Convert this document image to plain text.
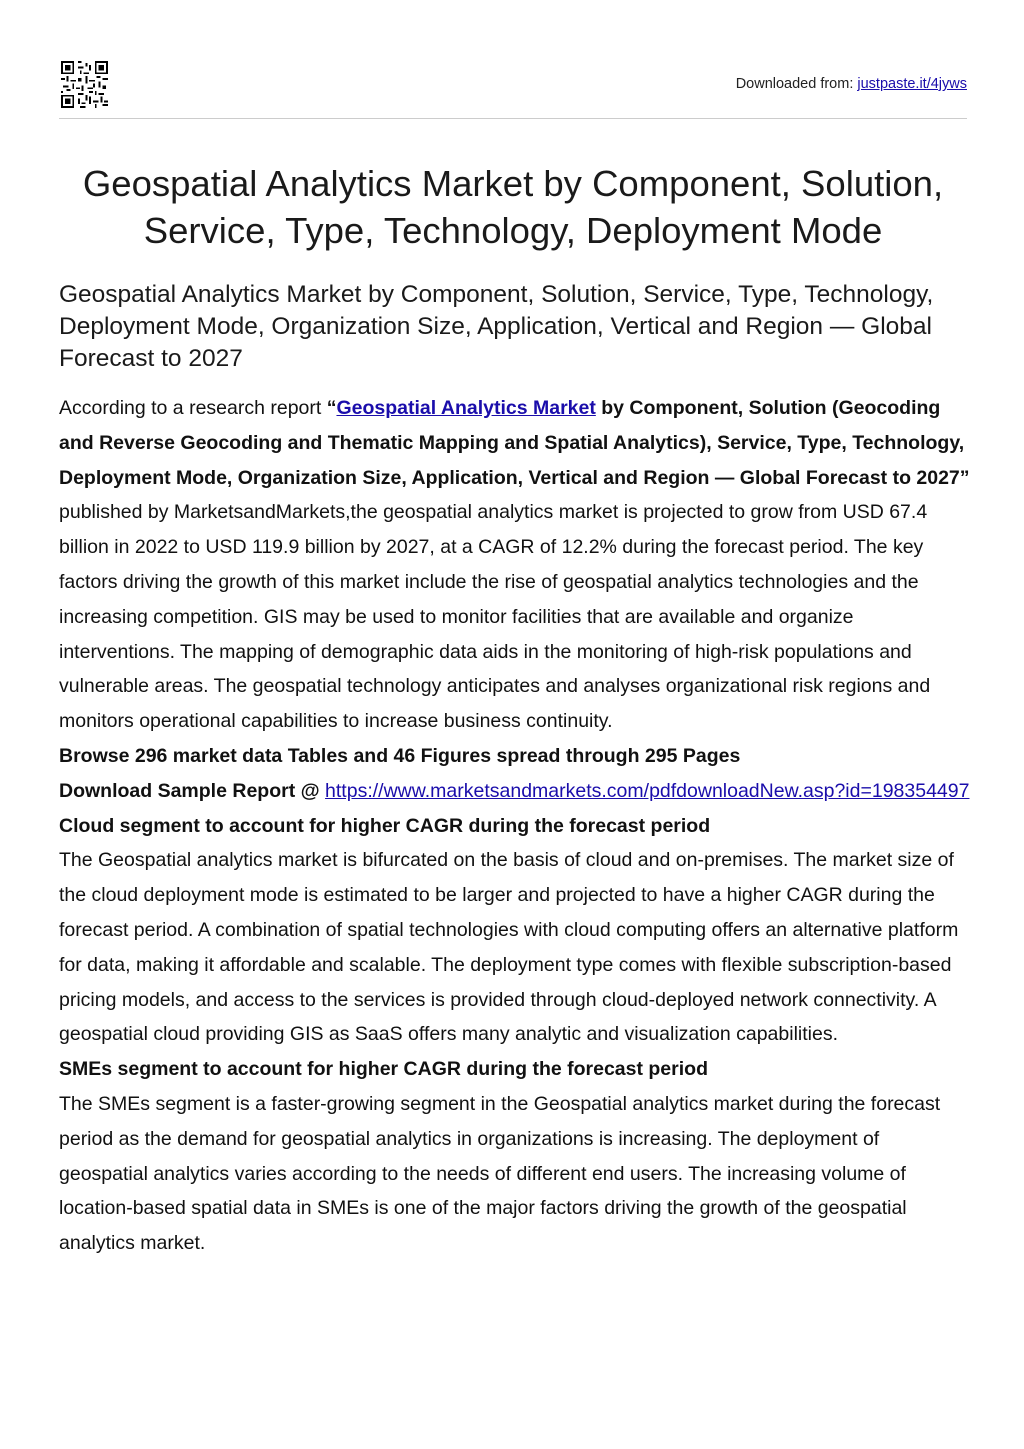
Downloaded from: justpaste.it/4jyws
Geospatial Analytics Market by Component, Solution, Service, Type, Technology, Deployment Mode
Geospatial Analytics Market by Component, Solution, Service, Type, Technology, Deployment Mode, Organization Size, Application, Vertical and Region — Global Forecast to 2027

According to a research report “Geospatial Analytics Market by Component, Solution (Geocoding and Reverse Geocoding and Thematic Mapping and Spatial Analytics), Service, Type, Technology, Deployment Mode, Organization Size, Application, Vertical and Region — Global Forecast to 2027” published by MarketsandMarkets,the geospatial analytics market is projected to grow from USD 67.4 billion in 2022 to USD 119.9 billion by 2027, at a CAGR of 12.2% during the forecast period. The key factors driving the growth of this market include the rise of geospatial analytics technologies and the increasing competition. GIS may be used to monitor facilities that are available and organize interventions. The mapping of demographic data aids in the monitoring of high-risk populations and vulnerable areas. The geospatial technology anticipates and analyses organizational risk regions and monitors operational capabilities to increase business continuity.

Browse 296 market data Tables and 46 Figures spread through 295 Pages

Download Sample Report @ https://www.marketsandmarkets.com/pdfdownloadNew.asp?id=198354497

Cloud segment to account for higher CAGR during the forecast period

The Geospatial analytics market is bifurcated on the basis of cloud and on-premises. The market size of the cloud deployment mode is estimated to be larger and projected to have a higher CAGR during the forecast period. A combination of spatial technologies with cloud computing offers an alternative platform for data, making it affordable and scalable. The deployment type comes with flexible subscription-based pricing models, and access to the services is provided through cloud-deployed network connectivity. A geospatial cloud providing GIS as SaaS offers many analytic and visualization capabilities.

SMEs segment to account for higher CAGR during the forecast period

The SMEs segment is a faster-growing segment in the Geospatial analytics market during the forecast period as the demand for geospatial analytics in organizations is increasing. The deployment of geospatial analytics varies according to the needs of different end users. The increasing volume of location-based spatial data in SMEs is one of the major factors driving the growth of the geospatial analytics market.
